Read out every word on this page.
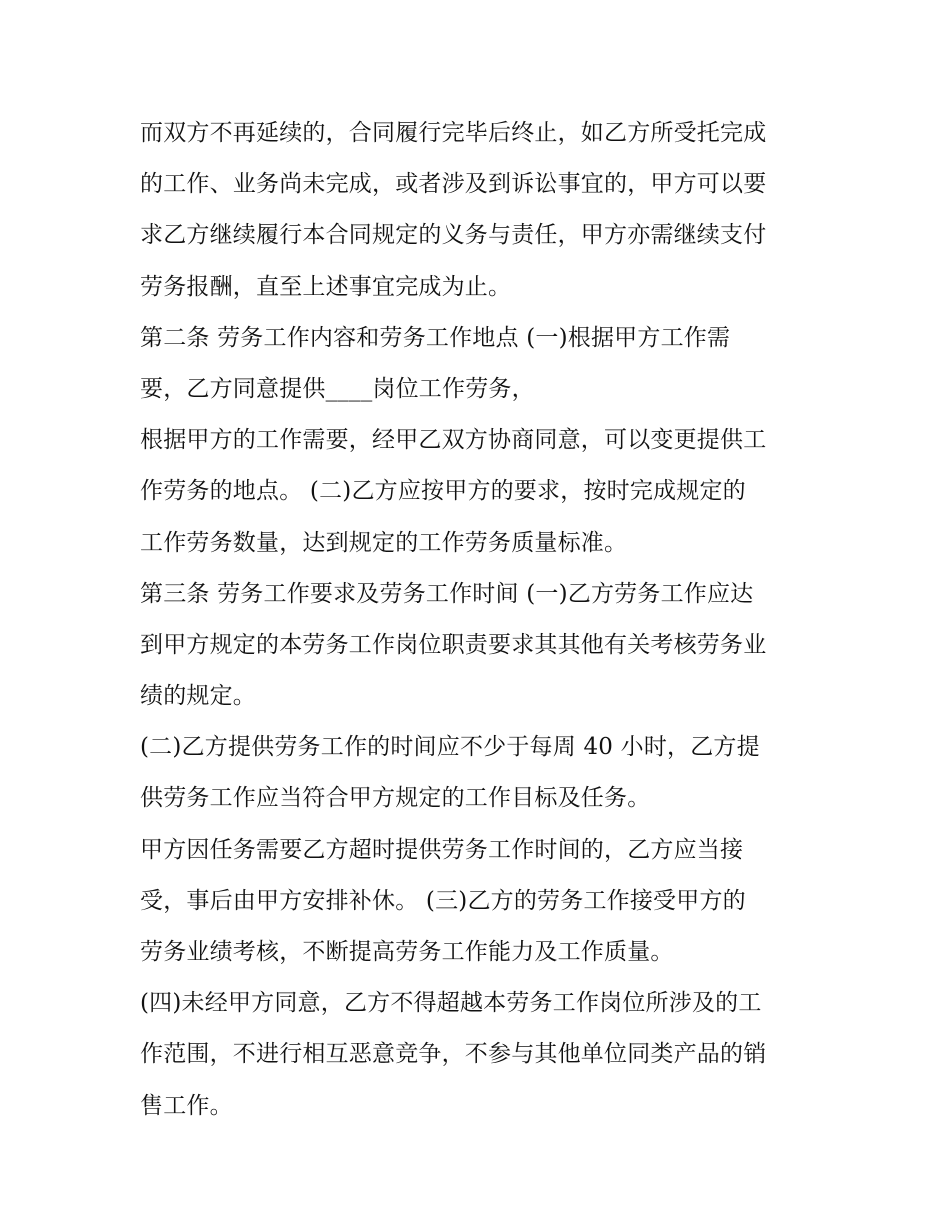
而双方不再延续的，合同履行完毕后终止，如乙方所受托完成

的工作、业务尚未完成，或者涉及到诉讼事宜的，甲方可以要

求乙方继续履行本合同规定的义务与责任，甲方亦需继续支付

劳务报酬，直至上述事宜完成为止。

第二条 劳务工作内容和劳务工作地点 (一)根据甲方工作需

要，乙方同意提供____岗位工作劳务，

根据甲方的工作需要，经甲乙双方协商同意，可以变更提供工

作劳务的地点。 (二)乙方应按甲方的要求，按时完成规定的

工作劳务数量，达到规定的工作劳务质量标准。

第三条 劳务工作要求及劳务工作时间 (一)乙方劳务工作应达

到甲方规定的本劳务工作岗位职责要求其其他有关考核劳务业

绩的规定。

(二)乙方提供劳务工作的时间应不少于每周 40 小时，乙方提

供劳务工作应当符合甲方规定的工作目标及任务。

甲方因任务需要乙方超时提供劳务工作时间的，乙方应当接

受，事后由甲方安排补休。 (三)乙方的劳务工作接受甲方的

劳务业绩考核，不断提高劳务工作能力及工作质量。

(四)未经甲方同意，乙方不得超越本劳务工作岗位所涉及的工

作范围，不进行相互恶意竞争，不参与其他单位同类产品的销

售工作。
